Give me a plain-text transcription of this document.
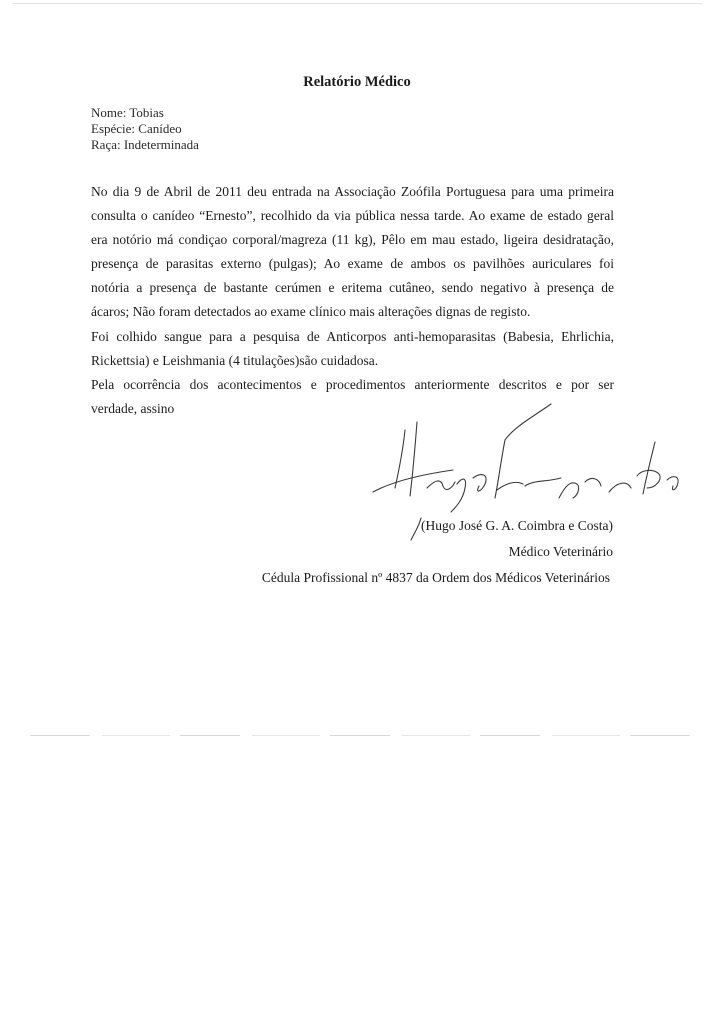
Relatório Médico
Nome: Tobias
Espécie: Canídeo
Raça: Indeterminada
No dia 9 de Abril de 2011 deu entrada na Associação Zoófila Portuguesa para uma primeira
consulta o canídeo “Ernesto”, recolhido da via pública nessa tarde. Ao exame de estado geral
era notório má condiçao corporal/magreza (11 kg), Pêlo em mau estado, ligeira desidratação,
presença de parasitas externo (pulgas); Ao exame de ambos os pavilhões auriculares foi
notória a presença de bastante cerúmen e eritema cutâneo, sendo negativo à presença de
ácaros; Não foram detectados ao exame clínico mais alterações dignas de registo.
Foi colhido sangue para a pesquisa de Anticorpos anti-hemoparasitas (Babesia, Ehrlichia,
Rickettsia) e Leishmania (4 titulações)são cuidadosa.
Pela ocorrência dos acontecimentos e procedimentos anteriormente descritos e por ser
verdade, assino
(Hugo José G. A. Coimbra e Costa)
Médico Veterinário
Cédula Profissional nº 4837 da Ordem dos Médicos Veterinários
